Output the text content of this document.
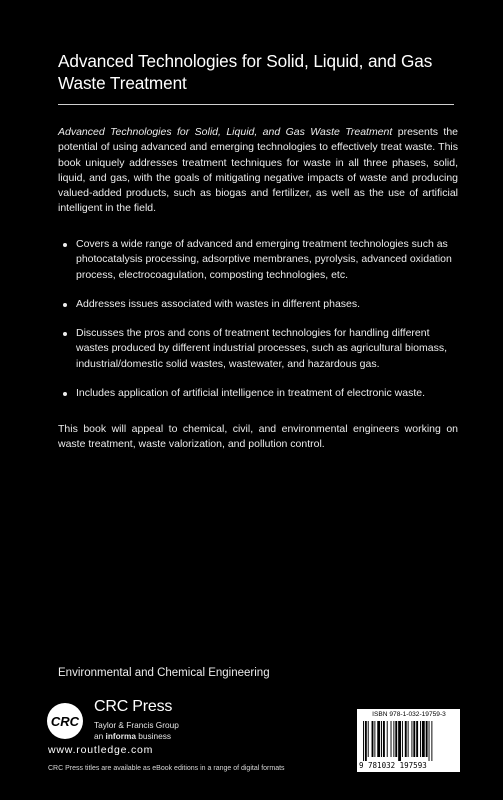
Advanced Technologies for Solid, Liquid, and Gas Waste Treatment
Advanced Technologies for Solid, Liquid, and Gas Waste Treatment presents the potential of using advanced and emerging technologies to effectively treat waste. This book uniquely addresses treatment techniques for waste in all three phases, solid, liquid, and gas, with the goals of mitigating negative impacts of waste and producing valued-added products, such as biogas and fertilizer, as well as the use of artificial intelligent in the field.
Covers a wide range of advanced and emerging treatment technologies such as photocatalysis processing, adsorptive membranes, pyrolysis, advanced oxidation process, electrocoagulation, composting technologies, etc.
Addresses issues associated with wastes in different phases.
Discusses the pros and cons of treatment technologies for handling different wastes produced by different industrial processes, such as agricultural biomass, industrial/domestic solid wastes, wastewater, and hazardous gas.
Includes application of artificial intelligence in treatment of electronic waste.
This book will appeal to chemical, civil, and environmental engineers working on waste treatment, waste valorization, and pollution control.
Environmental and Chemical Engineering
CRC
CRC Press
Taylor & Francis Group
an informa business
www.routledge.com
CRC Press titles are available as eBook editions in a range of digital formats
ISBN 978-1-032-19759-3
9 781032 197593
